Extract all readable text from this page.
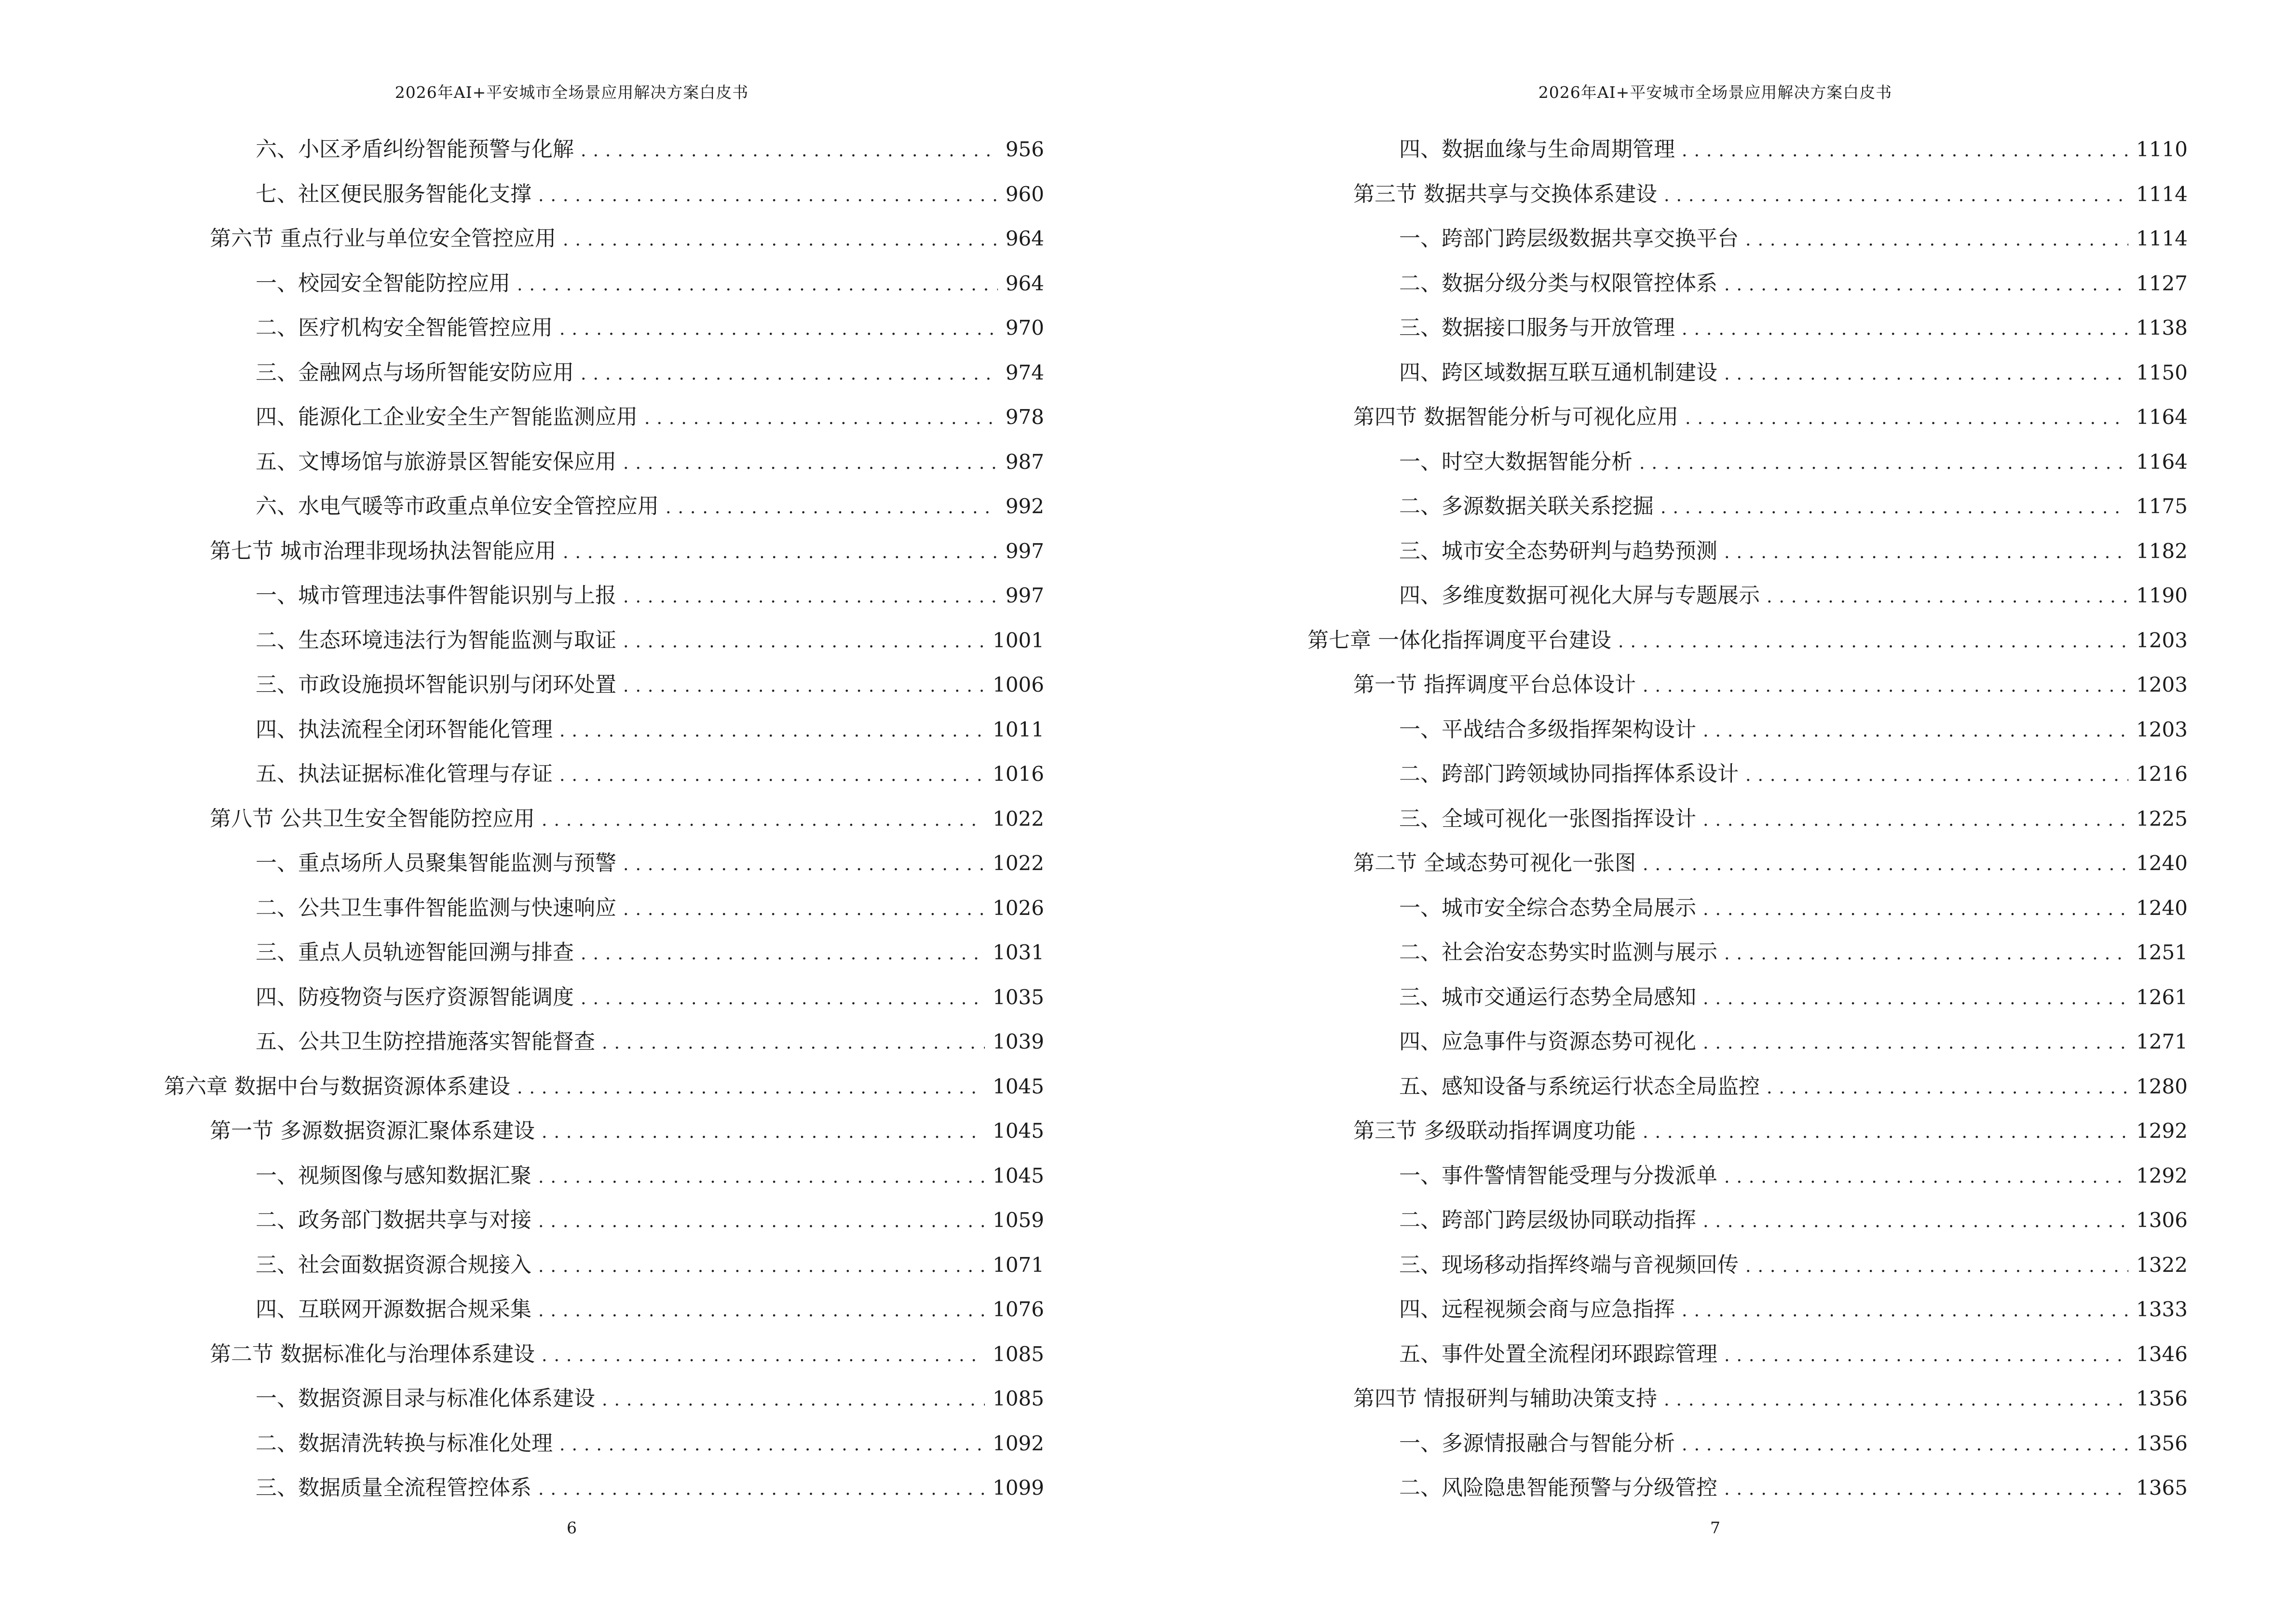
2026年AI+平安城市全场景应用解决方案白皮书
六、小区矛盾纠纷智能预警与化解 .....	956
七、社区便民服务智能化支撑 .....	960
第六节 重点行业与单位安全管控应用 .....	964
一、校园安全智能防控应用 .....	964
二、医疗机构安全智能管控应用 .....	970
三、金融网点与场所智能安防应用 .....	974
四、能源化工企业安全生产智能监测应用 .....	978
五、文博场馆与旅游景区智能安保应用 .....	987
六、水电气暖等市政重点单位安全管控应用 .....	992
第七节 城市治理非现场执法智能应用 .....	997
一、城市管理违法事件智能识别与上报 .....	997
二、生态环境违法行为智能监测与取证 .....	1001
三、市政设施损坏智能识别与闭环处置 .....	1006
四、执法流程全闭环智能化管理 .....	1011
五、执法证据标准化管理与存证 .....	1016
第八节 公共卫生安全智能防控应用 .....	1022
一、重点场所人员聚集智能监测与预警 .....	1022
二、公共卫生事件智能监测与快速响应 .....	1026
三、重点人员轨迹智能回溯与排查 .....	1031
四、防疫物资与医疗资源智能调度 .....	1035
五、公共卫生防控措施落实智能督查 .....	1039
第六章 数据中台与数据资源体系建设 .....	1045
第一节 多源数据资源汇聚体系建设 .....	1045
一、视频图像与感知数据汇聚 .....	1045
二、政务部门数据共享与对接 .....	1059
三、社会面数据资源合规接入 .....	1071
四、互联网开源数据合规采集 .....	1076
第二节 数据标准化与治理体系建设 .....	1085
一、数据资源目录与标准化体系建设 .....	1085
二、数据清洗转换与标准化处理 .....	1092
三、数据质量全流程管控体系 .....	1099
6
2026年AI+平安城市全场景应用解决方案白皮书
四、数据血缘与生命周期管理 .....	1110
第三节 数据共享与交换体系建设 .....	1114
一、跨部门跨层级数据共享交换平台 .....	1114
二、数据分级分类与权限管控体系 .....	1127
三、数据接口服务与开放管理 .....	1138
四、跨区域数据互联互通机制建设 .....	1150
第四节 数据智能分析与可视化应用 .....	1164
一、时空大数据智能分析 .....	1164
二、多源数据关联关系挖掘 .....	1175
三、城市安全态势研判与趋势预测 .....	1182
四、多维度数据可视化大屏与专题展示 .....	1190
第七章 一体化指挥调度平台建设 .....	1203
第一节 指挥调度平台总体设计 .....	1203
一、平战结合多级指挥架构设计 .....	1203
二、跨部门跨领域协同指挥体系设计 .....	1216
三、全域可视化一张图指挥设计 .....	1225
第二节 全域态势可视化一张图 .....	1240
一、城市安全综合态势全局展示 .....	1240
二、社会治安态势实时监测与展示 .....	1251
三、城市交通运行态势全局感知 .....	1261
四、应急事件与资源态势可视化 .....	1271
五、感知设备与系统运行状态全局监控 .....	1280
第三节 多级联动指挥调度功能 .....	1292
一、事件警情智能受理与分拨派单 .....	1292
二、跨部门跨层级协同联动指挥 .....	1306
三、现场移动指挥终端与音视频回传 .....	1322
四、远程视频会商与应急指挥 .....	1333
五、事件处置全流程闭环跟踪管理 .....	1346
第四节 情报研判与辅助决策支持 .....	1356
一、多源情报融合与智能分析 .....	1356
二、风险隐患智能预警与分级管控 .....	1365
7
